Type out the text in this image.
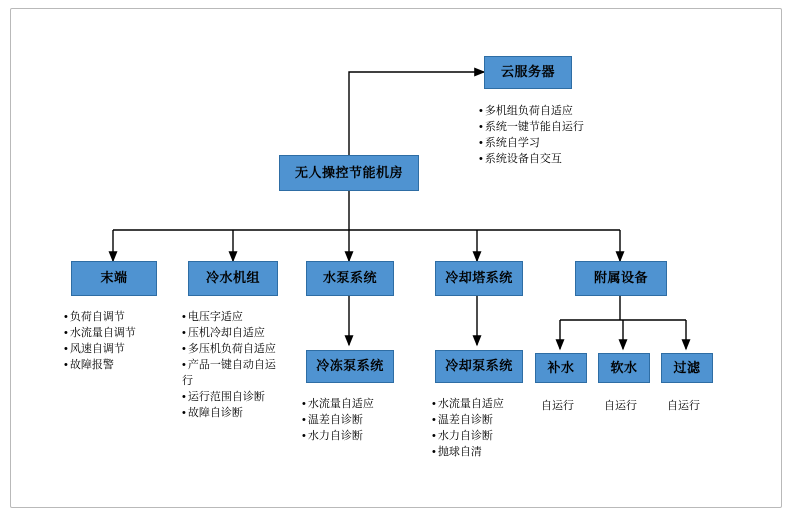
云服务器
• 多机组负荷自适应
• 系统一键节能自运行
• 系统自学习
• 系统设备自交互
无人操控节能机房
末端
• 负荷自调节
• 水流量自调节
• 风速自调节
• 故障报警
冷水机组
• 电压字适应
• 压机冷却自适应
• 多压机负荷自适应
• 产品一键自动自运行
• 运行范围自诊断
• 故障自诊断
水泵系统	冷却塔系统	附属设备
冷冻泵系统
• 水流量自适应
• 温差自诊断
• 水力自诊断
冷却泵系统
• 水流量自适应
• 温差自诊断
• 水力自诊断
• 抛球自清
补水
自运行
软水
自运行
过滤
自运行
